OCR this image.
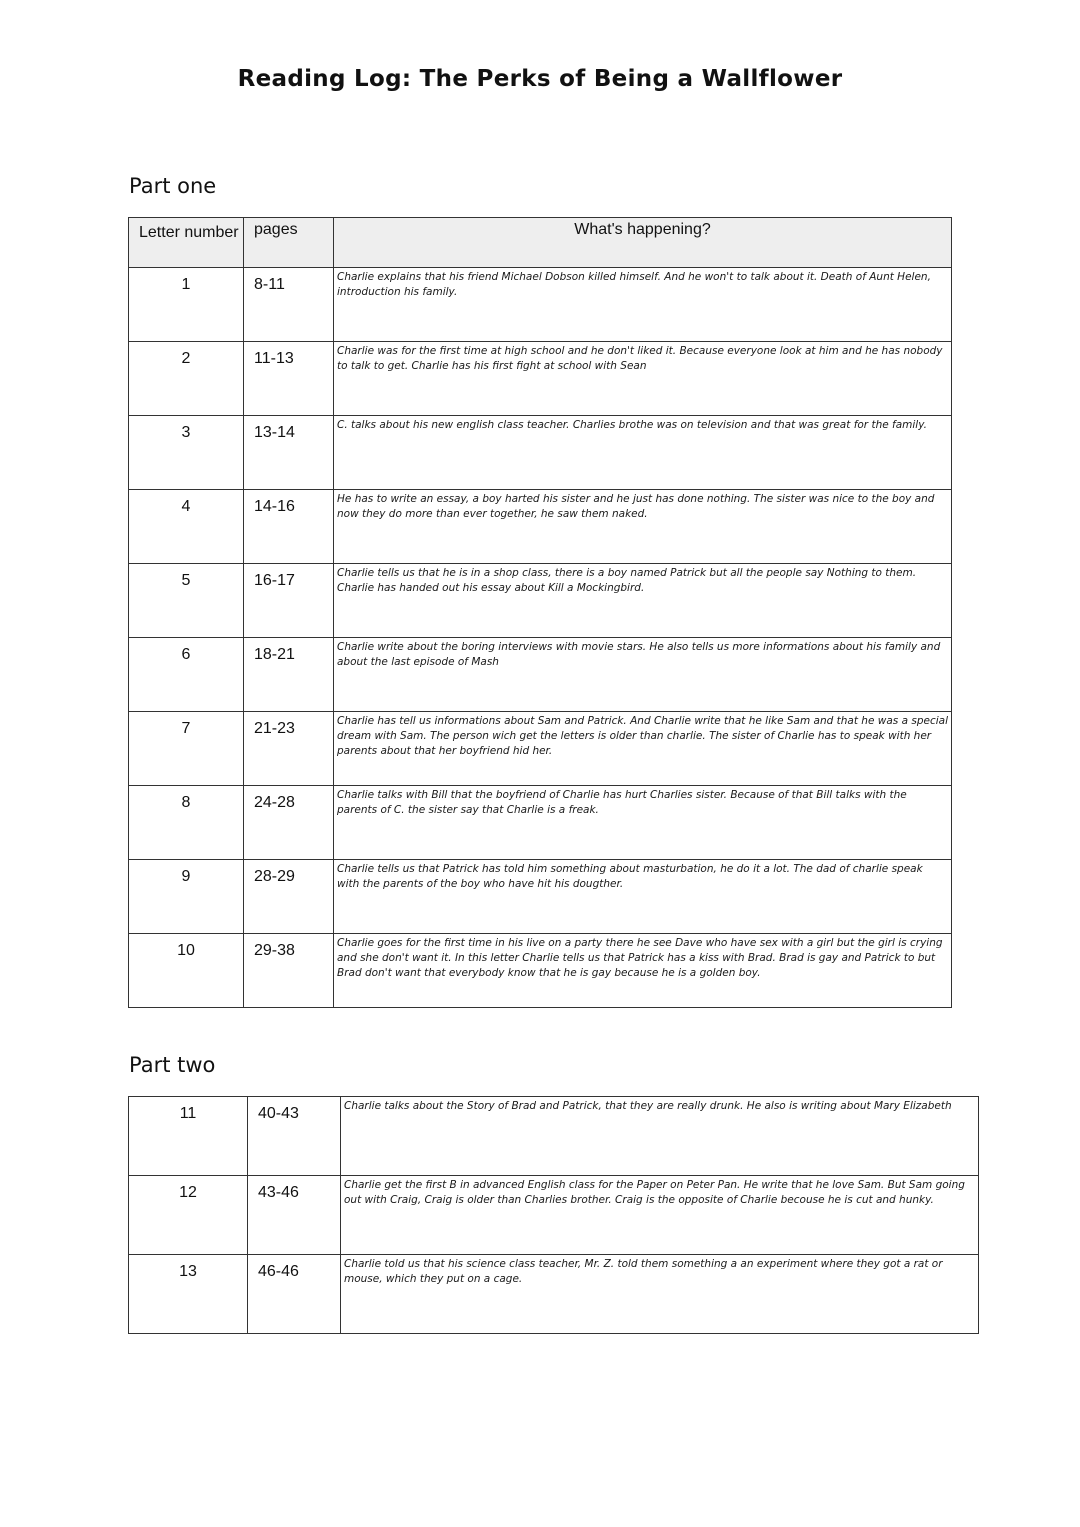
Reading Log: The Perks of Being a Wallflower
Part one
Letter number	pages	What's happening?
1	8-11	Charlie explains that his friend Michael Dobson killed himself. And he won't to talk about it. Death of Aunt Helen, introduction his family.
2	11-13	Charlie was for the first time at high school and he don't liked it. Because everyone look at him and he has nobody to talk to get. Charlie has his first fight at school with Sean
3	13-14	C. talks about his new english class teacher. Charlies brothe was on television and that was great for the family.
4	14-16	He has to write an essay, a boy harted his sister and he just has done nothing. The sister was nice to the boy and now they do more than ever together, he saw them naked.
5	16-17	Charlie tells us that he is in a shop class, there is a boy named Patrick but all the people say Nothing to them. Charlie has handed out his essay about Kill a Mockingbird.
6	18-21	Charlie write about the boring interviews with movie stars. He also tells us more informations about his family and about the last episode of Mash
7	21-23	Charlie has tell us informations about Sam and Patrick. And Charlie write that he like Sam and that he was a special dream with Sam. The person wich get the letters is older than charlie. The sister of Charlie has to speak with her parents about that her boyfriend hid her.
8	24-28	Charlie talks with Bill that the boyfriend of Charlie has hurt Charlies sister. Because of that Bill talks with the parents of C. the sister say that Charlie is a freak.
9	28-29	Charlie tells us that Patrick has told him something about masturbation, he do it a lot. The dad of charlie speak with the parents of the boy who have hit his dougther.
10	29-38	Charlie goes for the first time in his live on a party there he see Dave who have sex with a girl but the girl is crying and she don't want it. In this letter Charlie tells us that Patrick has a kiss with Brad. Brad is gay and Patrick to but Brad don't want that everybody know that he is gay because he is a golden boy.
Part two
11	40-43	Charlie talks about the Story of Brad and Patrick, that they are really drunk. He also is writing about Mary Elizabeth
12	43-46	Charlie get the first B in advanced English class for the Paper on Peter Pan. He write that he love Sam. But Sam going out with Craig, Craig is older than Charlies brother. Craig is the opposite of Charlie becouse he is cut and hunky.
13	46-46	Charlie told us that his science class teacher, Mr. Z. told them something a an experiment where they got a rat or mouse, which they put on a cage.
